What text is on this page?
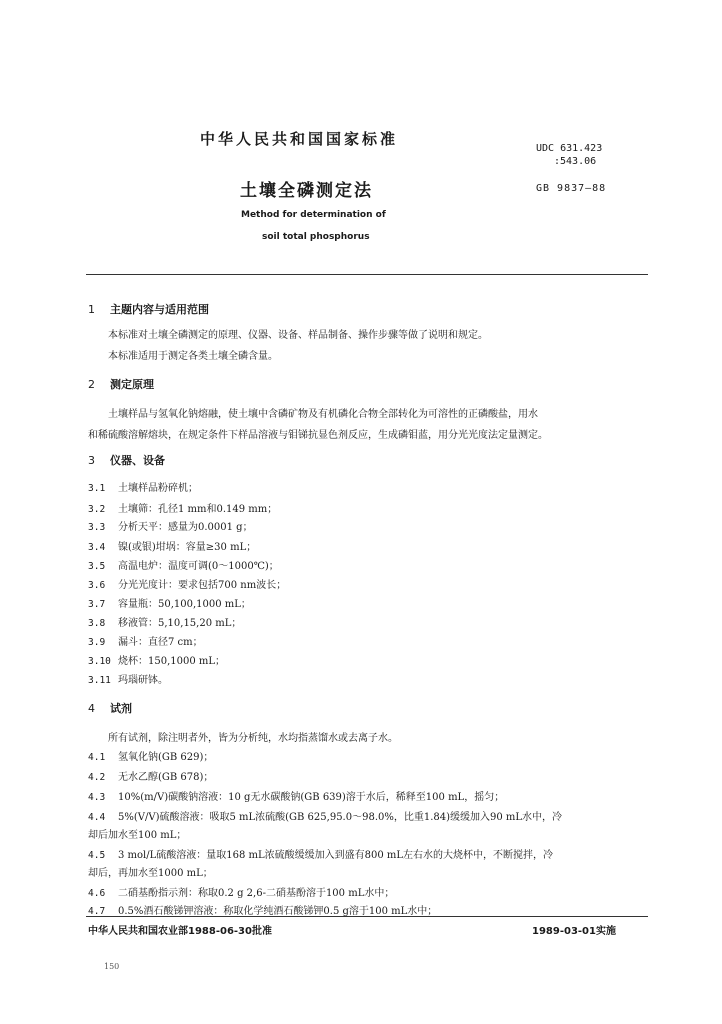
中华人民共和国国家标准
UDC 631.423
:543.06
土壤全磷测定法	GB 9837—88
Method for determination of
soil total phosphorus
1 主题内容与适用范围
本标准对土壤全磷测定的原理、仪器、设备、样品制备、操作步骤等做了说明和规定。
本标准适用于测定各类土壤全磷含量。
2 测定原理
土壤样品与氢氧化钠熔融，使土壤中含磷矿物及有机磷化合物全部转化为可溶性的正磷酸盐，用水
和稀硫酸溶解熔块，在规定条件下样品溶液与钼锑抗显色剂反应，生成磷钼蓝，用分光光度法定量测定。
3 仪器、设备
3.1 土壤样品粉碎机；
3.2 土壤筛：孔径1 mm和0.149 mm；
3.3 分析天平：感量为0.0001 g；
3.4 镍(或银)坩埚：容量≥30 mL；
3.5 高温电炉：温度可调(0～1000℃)；
3.6 分光光度计：要求包括700 nm波长；
3.7 容量瓶：50,100,1000 mL；
3.8 移液管：5,10,15,20 mL；
3.9 漏斗：直径7 cm；
3.10 烧杯：150,1000 mL；
3.11 玛瑙研钵。
4 试剂
所有试剂，除注明者外，皆为分析纯，水均指蒸馏水或去离子水。
4.1 氢氧化钠(GB 629)；
4.2 无水乙醇(GB 678)；
4.3 10%(m/V)碳酸钠溶液：10 g无水碳酸钠(GB 639)溶于水后，稀释至100 mL，摇匀；
4.4 5%(V/V)硫酸溶液：吸取5 mL浓硫酸(GB 625,95.0～98.0%，比重1.84)缓缓加入90 mL水中，冷
却后加水至100 mL；
4.5 3 mol/L硫酸溶液：量取168 mL浓硫酸缓缓加入到盛有800 mL左右水的大烧杯中，不断搅拌，冷
却后，再加水至1000 mL；
4.6 二硝基酚指示剂：称取0.2 g 2,6-二硝基酚溶于100 mL水中；
4.7 0.5%酒石酸锑钾溶液：称取化学纯酒石酸锑钾0.5 g溶于100 mL水中；
中华人民共和国农业部1988-06-30批准	1989-03-01实施
150
